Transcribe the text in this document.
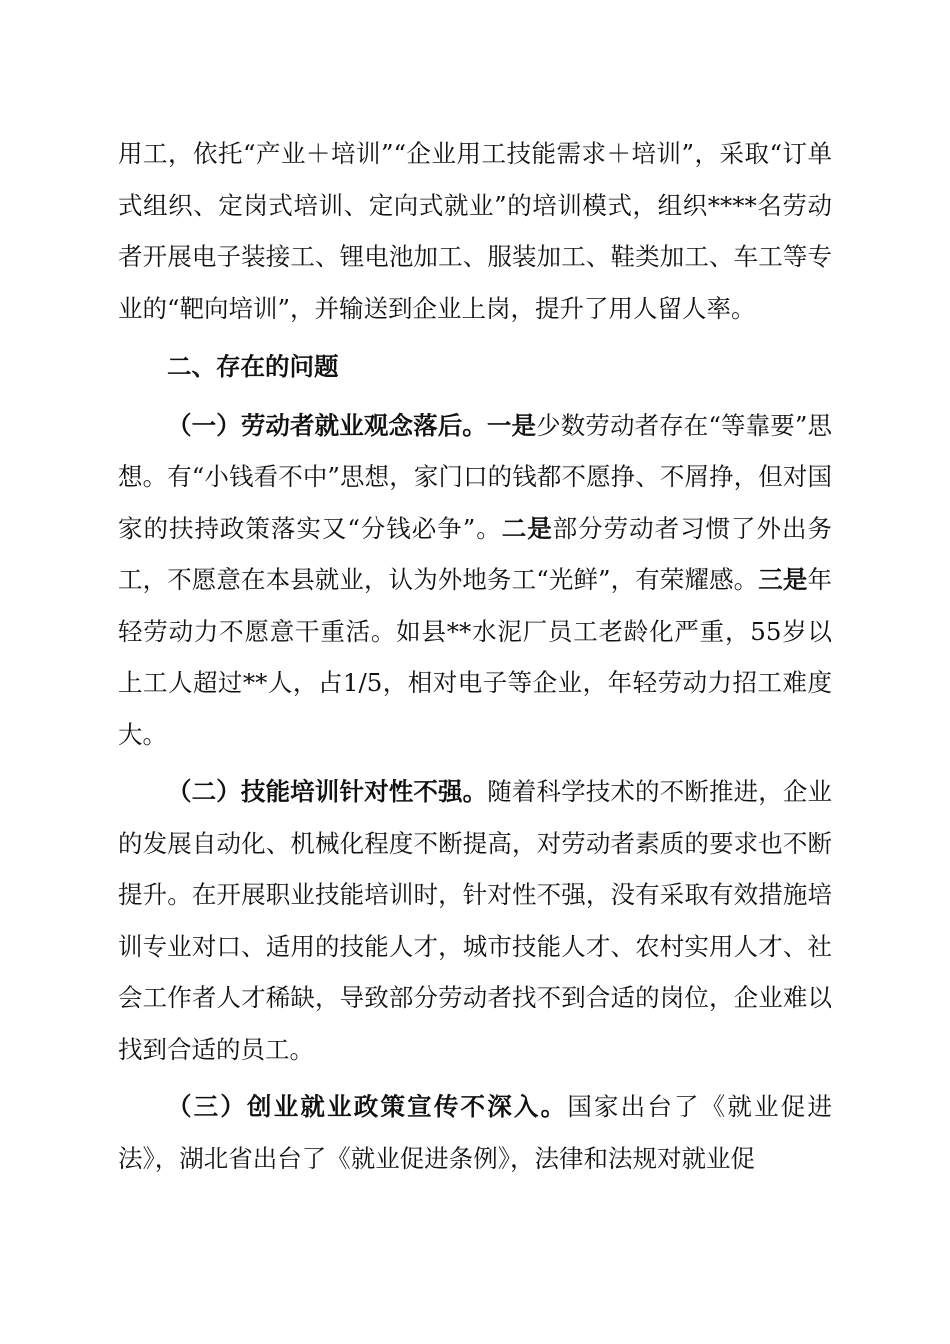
用工，依托“产业＋培训”“企业用工技能需求＋培训”，采取“订单式组织、定岗式培训、定向式就业”的培训模式，组织****名劳动者开展电子装接工、锂电池加工、服装加工、鞋类加工、车工等专业的“靶向培训”，并输送到企业上岗，提升了用人留人率。

二、存在的问题

（一）劳动者就业观念落后。一是少数劳动者存在“等靠要”思想。有“小钱看不中”思想，家门口的钱都不愿挣、不屑挣，但对国家的扶持政策落实又“分钱必争”。二是部分劳动者习惯了外出务工，不愿意在本县就业，认为外地务工“光鲜”，有荣耀感。三是年轻劳动力不愿意干重活。如县**水泥厂员工老龄化严重，55岁以上工人超过**人，占1/5，相对电子等企业，年轻劳动力招工难度大。

（二）技能培训针对性不强。随着科学技术的不断推进，企业的发展自动化、机械化程度不断提高，对劳动者素质的要求也不断提升。在开展职业技能培训时，针对性不强，没有采取有效措施培训专业对口、适用的技能人才，城市技能人才、农村实用人才、社会工作者人才稀缺，导致部分劳动者找不到合适的岗位，企业难以找到合适的员工。

（三）创业就业政策宣传不深入。国家出台了《就业促进法》，湖北省出台了《就业促进条例》，法律和法规对就业促
